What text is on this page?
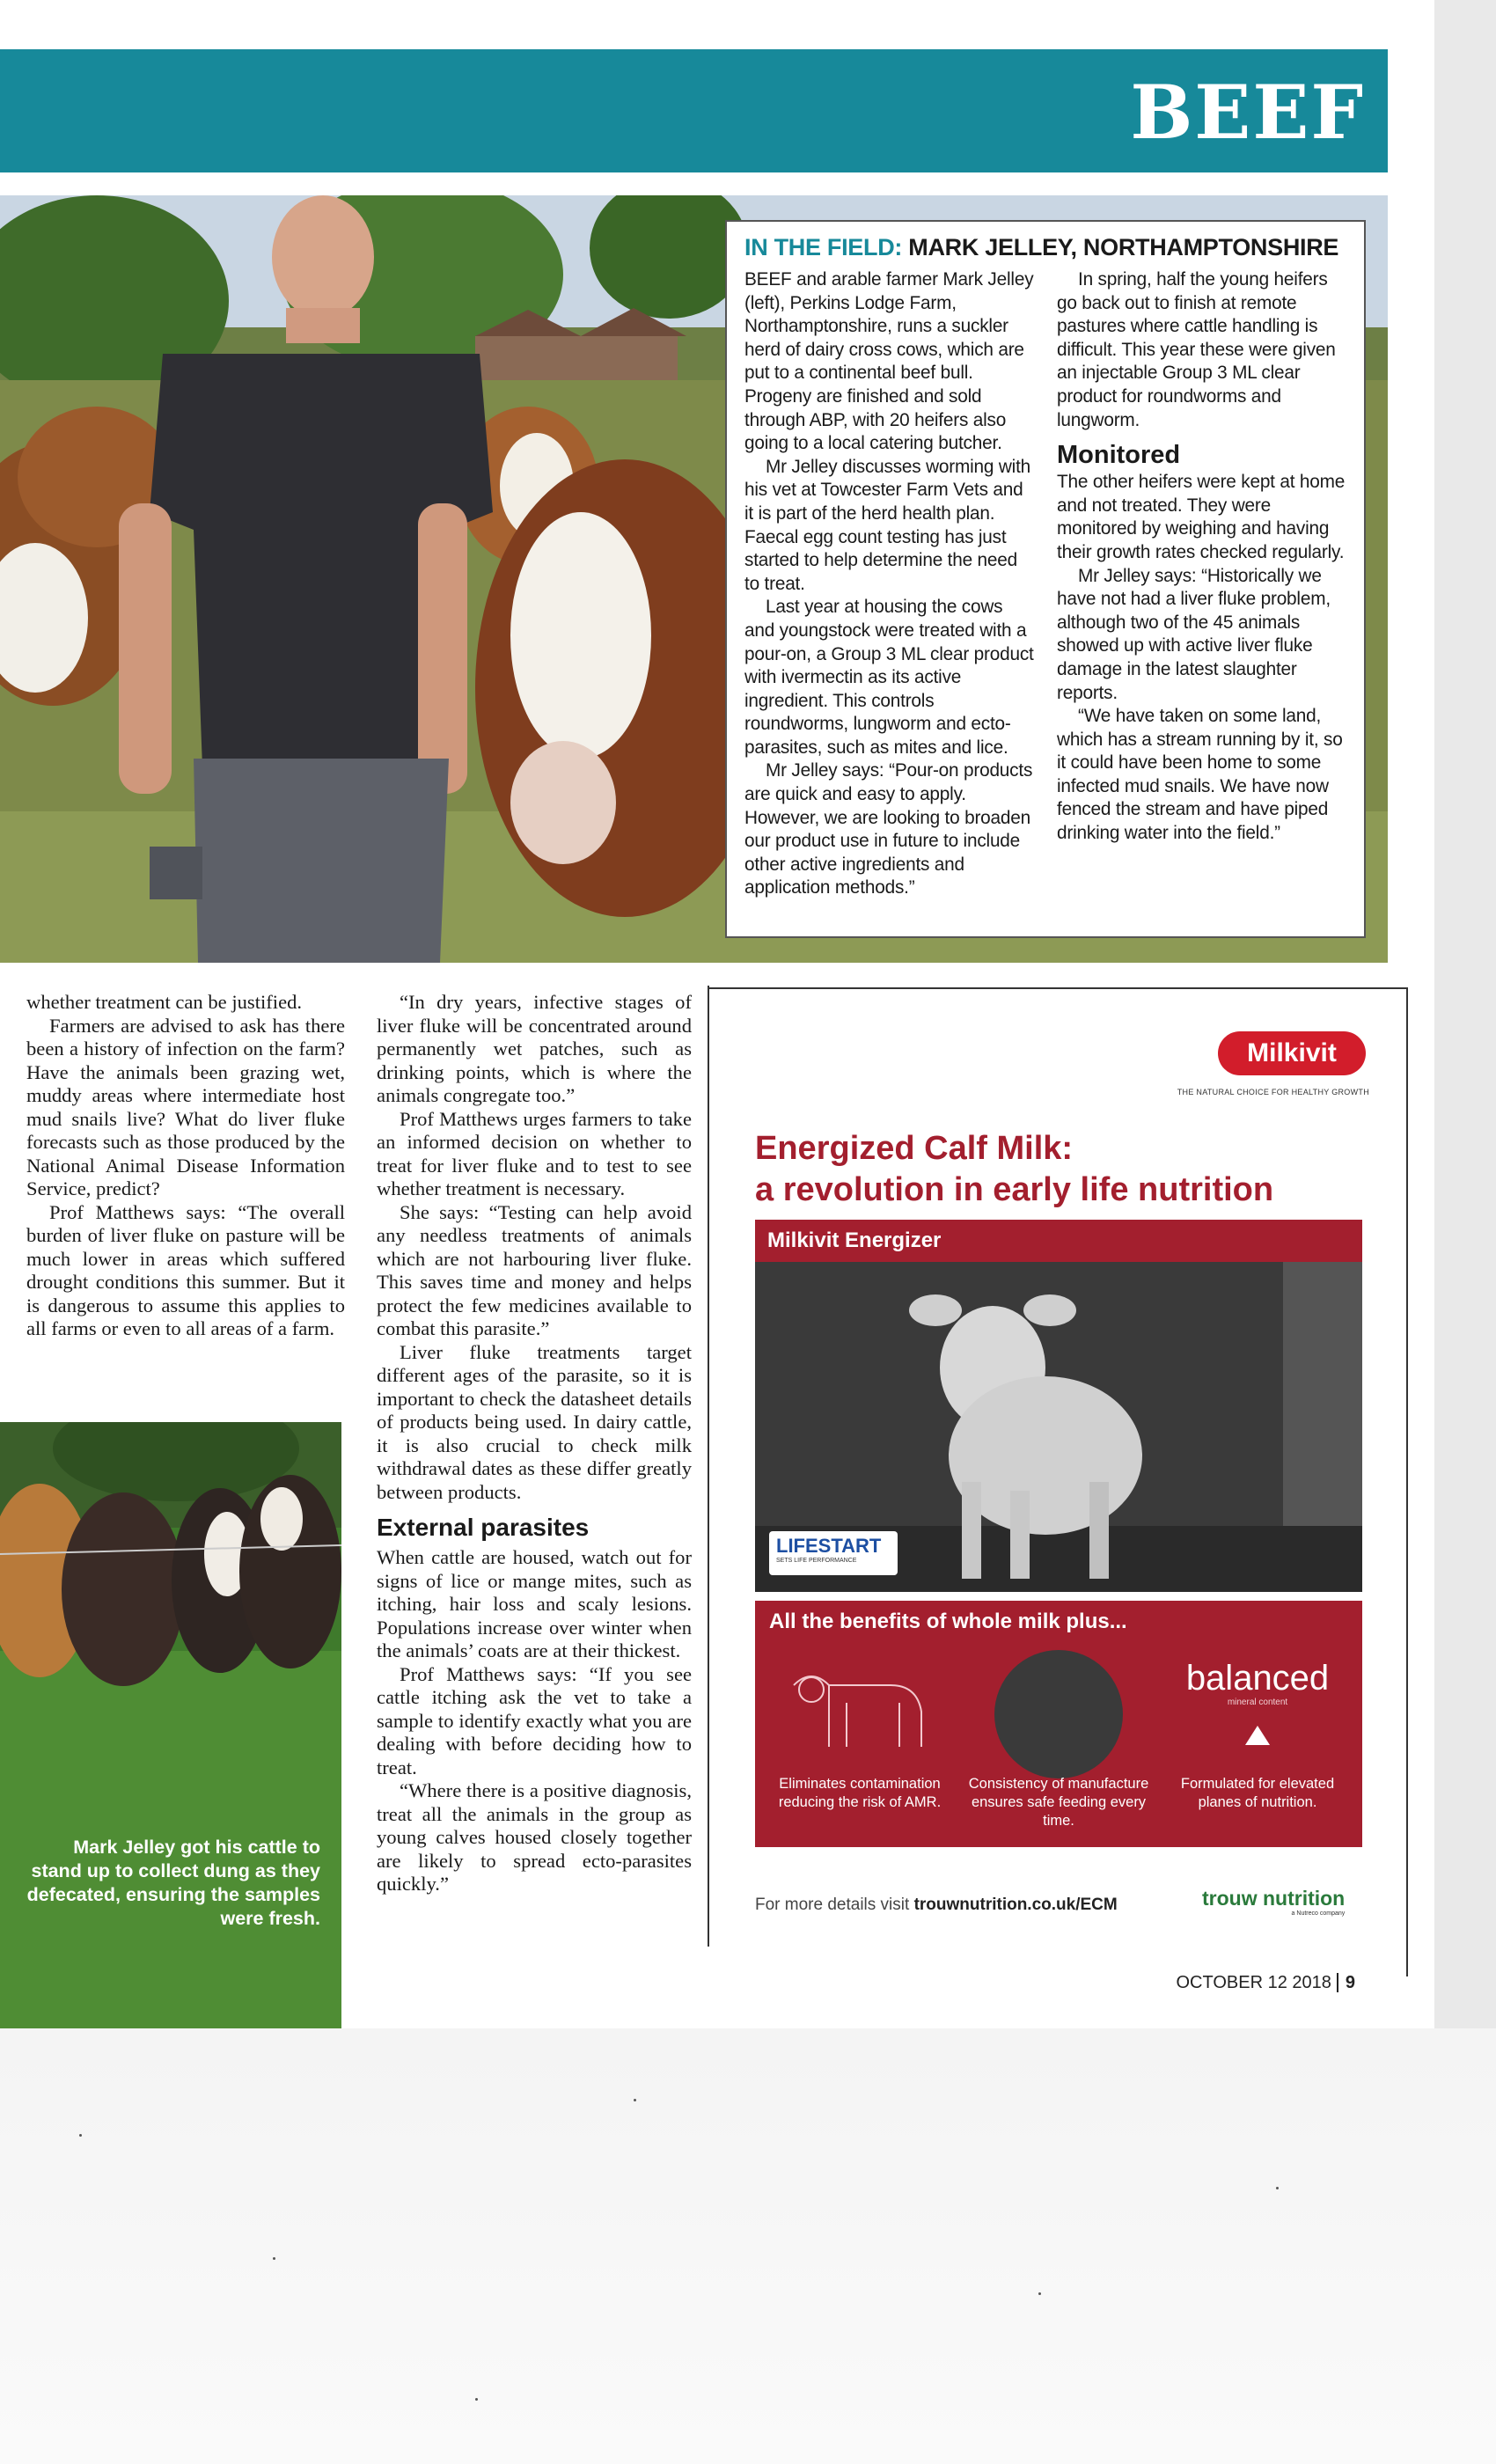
BEEF
IN THE FIELD: MARK JELLEY, NORTHAMPTONSHIRE

BEEF and arable farmer Mark Jelley (left), Perkins Lodge Farm, Northamptonshire, runs a suckler herd of dairy cross cows, which are put to a continental beef bull. Progeny are finished and sold through ABP, with 20 heifers also going to a local catering butcher.

Mr Jelley discusses worming with his vet at Towcester Farm Vets and it is part of the herd health plan. Faecal egg count testing has just started to help determine the need to treat.

Last year at housing the cows and youngstock were treated with a pour-on, a Group 3 ML clear product with ivermectin as its active ingredient. This controls roundworms, lungworm and ecto-parasites, such as mites and lice.

Mr Jelley says: “Pour-on products are quick and easy to apply. However, we are looking to broaden our product use in future to include other active ingredients and application methods.”

In spring, half the young heifers go back out to finish at remote pastures where cattle handling is difficult. This year these were given an injectable Group 3 ML clear product for roundworms and lungworm.

Monitored

The other heifers were kept at home and not treated. They were monitored by weighing and having their growth rates checked regularly.

Mr Jelley says: “Historically we have not had a liver fluke problem, although two of the 45 animals showed up with active liver fluke damage in the latest slaughter reports.

“We have taken on some land, which has a stream running by it, so it could have been home to some infected mud snails. We have now fenced the stream and have piped drinking water into the field.”

whether treatment can be justified.

Farmers are advised to ask has there been a history of infection on the farm? Have the animals been grazing wet, muddy areas where intermediate host mud snails live? What do liver fluke forecasts such as those produced by the National Animal Disease Information Service, predict?

Prof Matthews says: “The overall burden of liver fluke on pasture will be much lower in areas which suffered drought conditions this summer. But it is dangerous to assume this applies to all farms or even to all areas of a farm.

“In dry years, infective stages of liver fluke will be concentrated around permanently wet patches, such as drinking points, which is where the animals congregate too.”

Prof Matthews urges farmers to take an informed decision on whether to treat for liver fluke and to test to see whether treatment is necessary.

She says: “Testing can help avoid any needless treatments of animals which are not harbouring liver fluke. This saves time and money and helps protect the few medicines available to combat this parasite.”

Liver fluke treatments target different ages of the parasite, so it is important to check the datasheet details of products being used. In dairy cattle, it is also crucial to check milk withdrawal dates as these differ greatly between products.

External parasites

When cattle are housed, watch out for signs of lice or mange mites, such as itching, hair loss and scaly lesions. Populations increase over winter when the animals’ coats are at their thickest.

Prof Matthews says: “If you see cattle itching ask the vet to take a sample to identify exactly what you are dealing with before deciding how to treat.

“Where there is a positive diagnosis, treat all the animals in the group as young calves housed closely together are likely to spread ecto-parasites quickly.”

Mark Jelley got his cattle to stand up to collect dung as they defecated, ensuring the samples were fresh.
Milkivit
THE NATURAL CHOICE FOR HEALTHY GROWTH
Energized Calf Milk:
a revolution in early life nutrition
Milkivit Energizer
LIFESTART
SETS LIFE PERFORMANCE
All the benefits of whole milk plus...
Eliminates contamination reducing the risk of AMR.
Consistency of manufacture ensures safe feeding every time.
balanced
mineral content
Formulated for elevated planes of nutrition.
For more details visit trouwnutrition.co.uk/ECM	trouw nutrition
a Nutreco company
OCTOBER 12 2018 9
